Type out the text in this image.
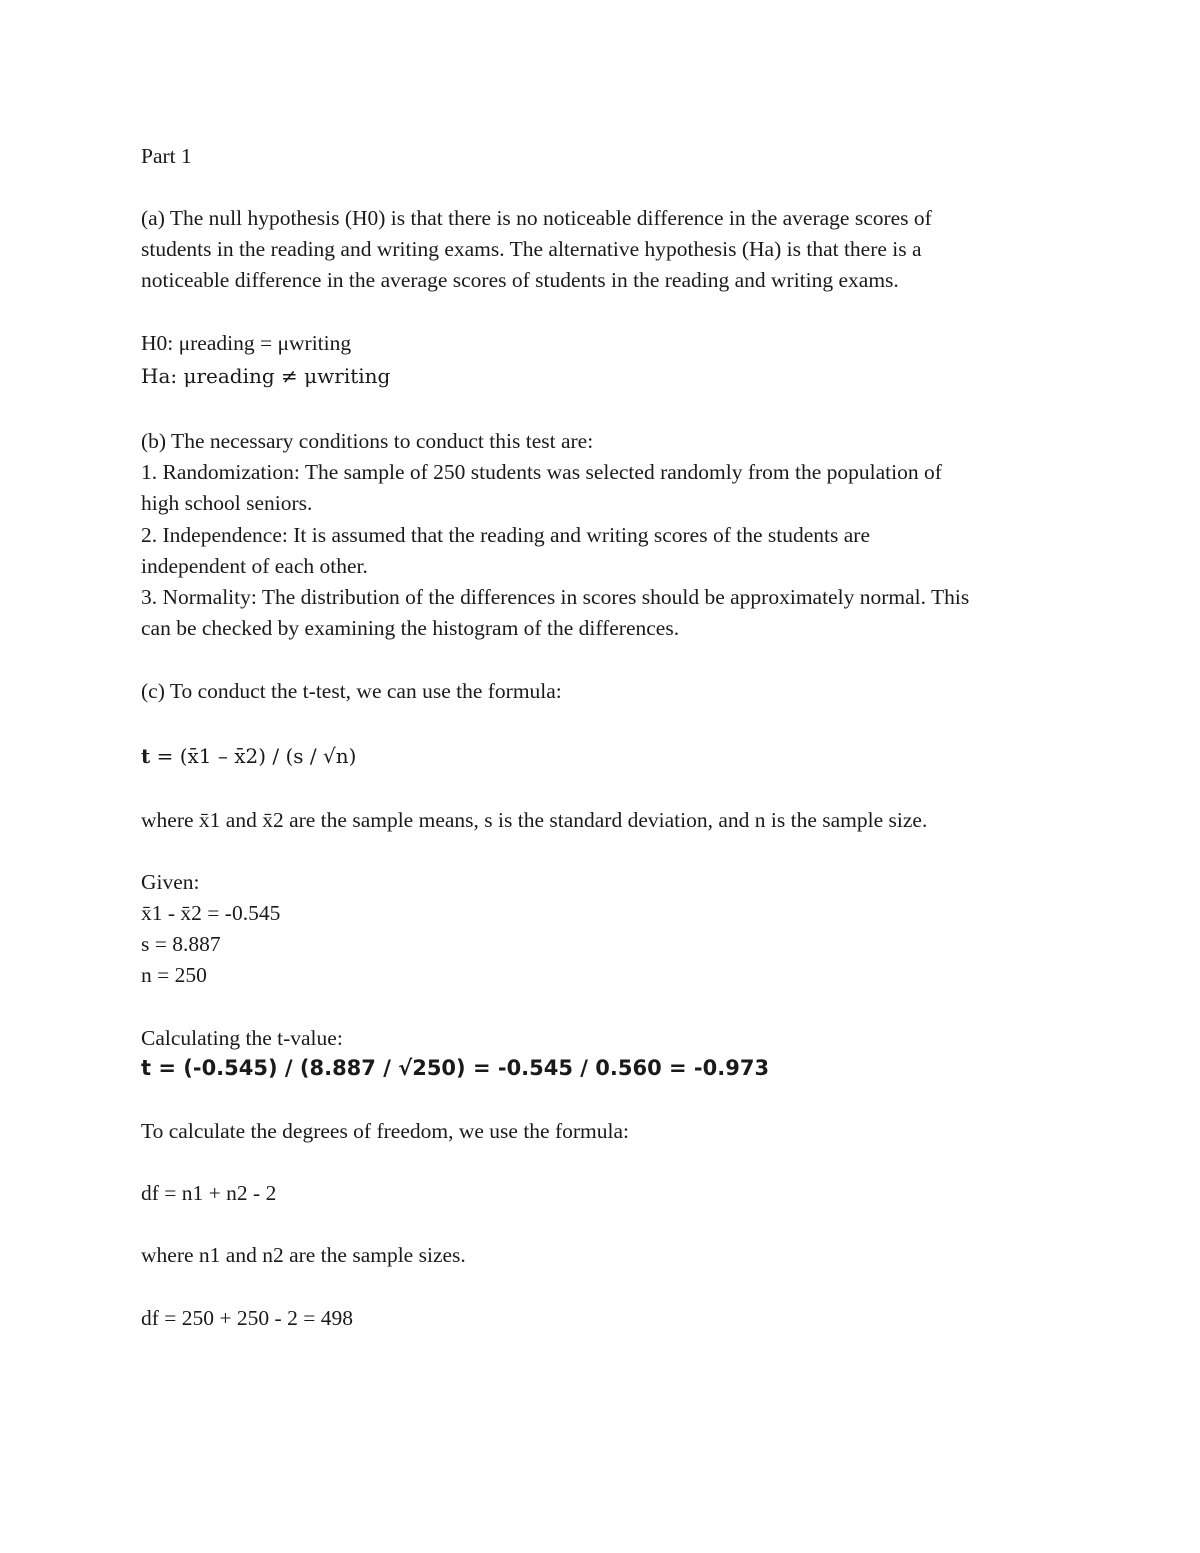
Part 1
(a) The null hypothesis (H0) is that there is no noticeable difference in the average scores of
students in the reading and writing exams. The alternative hypothesis (Ha) is that there is a
noticeable difference in the average scores of students in the reading and writing exams.
H0: μreading = μwriting
Ha: μreading ≠ μwriting
(b) The necessary conditions to conduct this test are:
1. Randomization: The sample of 250 students was selected randomly from the population of
high school seniors.
2. Independence: It is assumed that the reading and writing scores of the students are
independent of each other.
3. Normality: The distribution of the differences in scores should be approximately normal. This
can be checked by examining the histogram of the differences.
(c) To conduct the t-test, we can use the formula:
t = (x̄1 – x̄2) / (s / √n)
where x̄1 and x̄2 are the sample means, s is the standard deviation, and n is the sample size.
Given:
x̄1 - x̄2 = -0.545
s = 8.887
n = 250
Calculating the t-value:
t = (-0.545) / (8.887 / √250) = -0.545 / 0.560 = -0.973
To calculate the degrees of freedom, we use the formula:
df = n1 + n2 - 2
where n1 and n2 are the sample sizes.
df = 250 + 250 - 2 = 498
